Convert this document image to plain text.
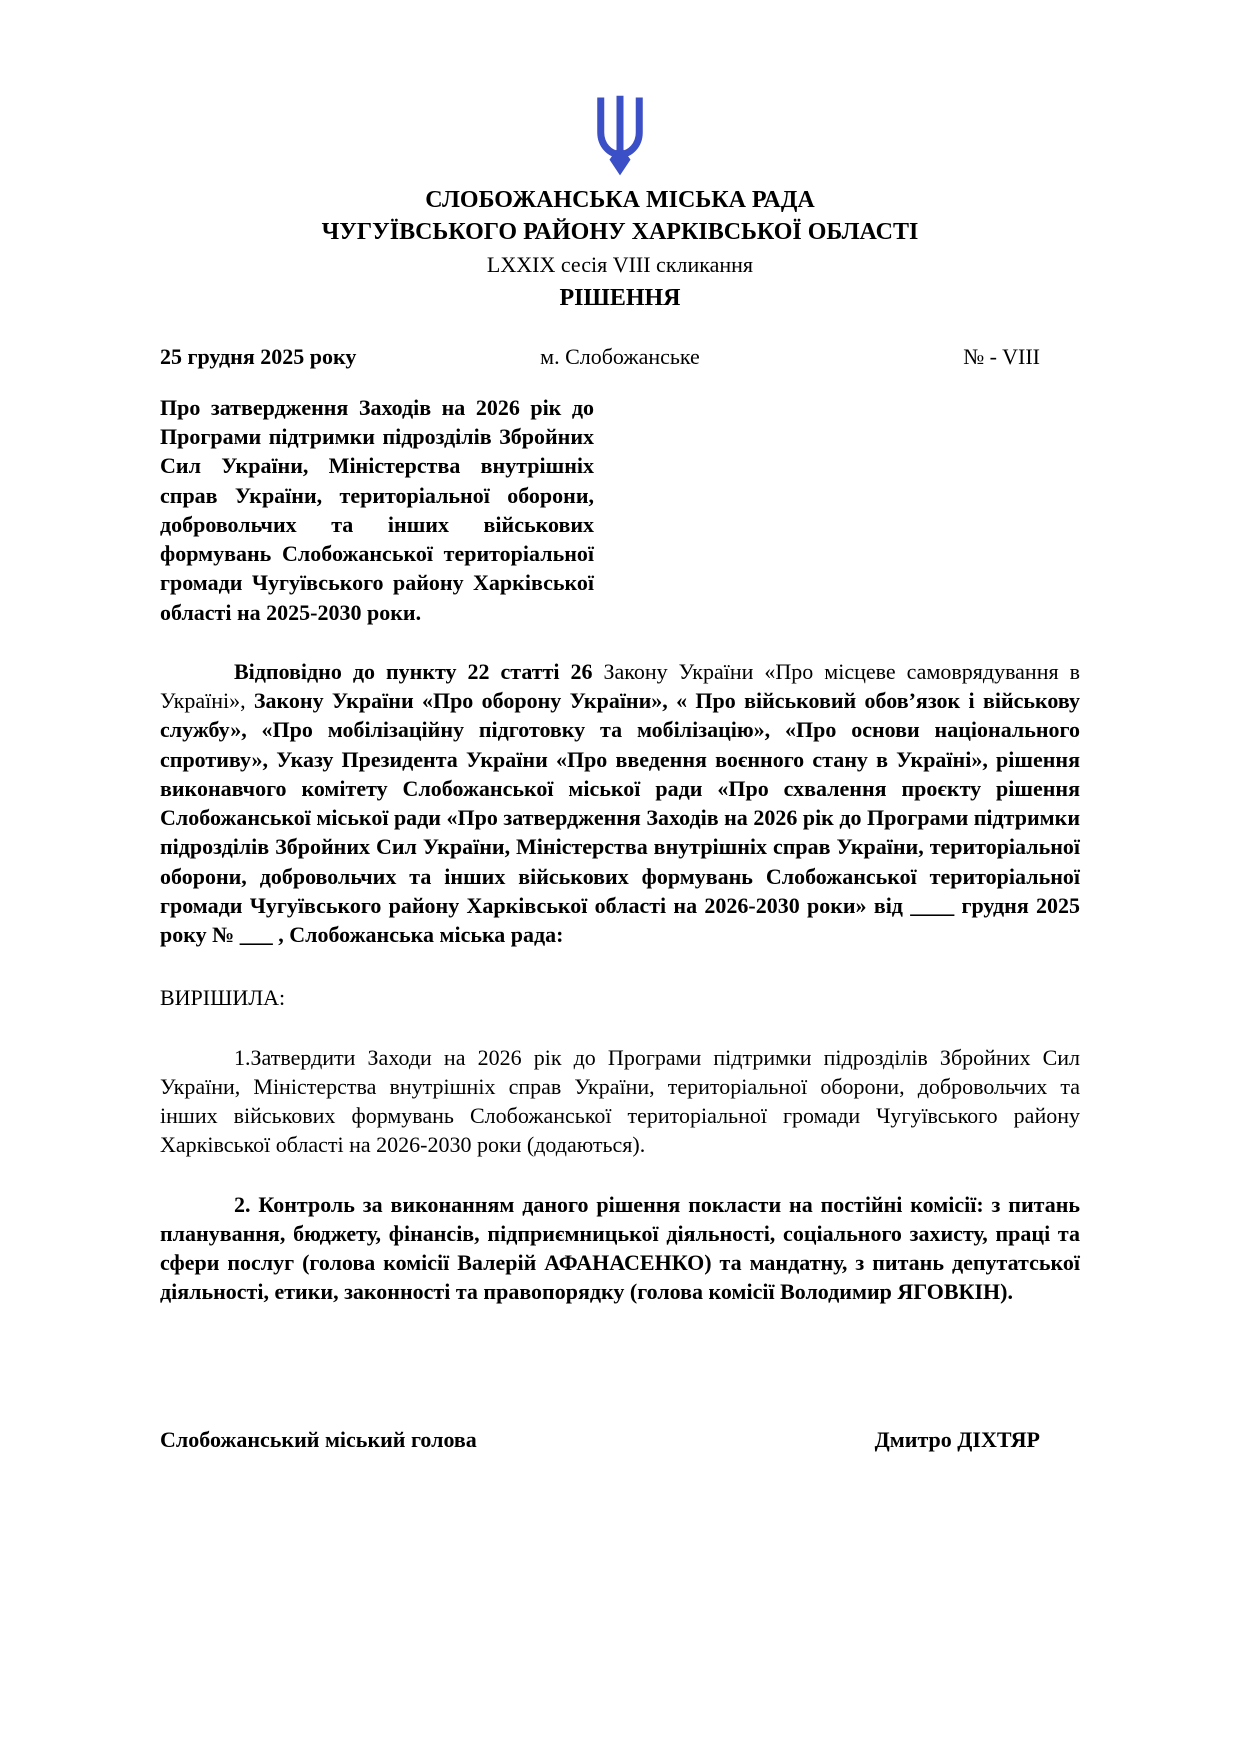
СЛОБОЖАНСЬКА МІСЬКА РАДА
ЧУГУЇВСЬКОГО РАЙОНУ ХАРКІВСЬКОЇ ОБЛАСТІ
LXXIX сесія VIII скликання
РІШЕННЯ
25 грудня 2025 року	м. Слобожанське	№ - VIII
Про затвердження Заходів на 2026 рік до Програми підтримки підрозділів Збройних Сил України, Міністерства внутрішніх справ України, територіальної оборони, добровольчих та інших військових формувань Слобожанської територіальної громади Чугуївського району Харківської області на 2025-2030 роки.
Відповідно до пункту 22 статті 26 Закону України «Про місцеве самоврядування в Україні», Закону України «Про оборону України», « Про військовий обов’язок і військову службу», «Про мобілізаційну підготовку та мобілізацію», «Про основи національного спротиву», Указу Президента України «Про введення воєнного стану в Україні», рішення виконавчого комітету Слобожанської міської ради «Про схвалення проєкту рішення Слобожанської міської ради «Про затвердження Заходів на 2026 рік до Програми підтримки підрозділів Збройних Сил України, Міністерства внутрішніх справ України, територіальної оборони, добровольчих та інших військових формувань Слобожанської територіальної громади Чугуївського району Харківської області на 2026-2030 роки» від ____ грудня 2025 року № ___ , Слобожанська міська рада:
ВИРІШИЛА:
1.Затвердити Заходи на 2026 рік до Програми підтримки підрозділів Збройних Сил України, Міністерства внутрішніх справ України, територіальної оборони, добровольчих та інших військових формувань Слобожанської територіальної громади Чугуївського району Харківської області на 2026-2030 роки (додаються).
2. Контроль за виконанням даного рішення покласти на постійні комісії: з питань планування, бюджету, фінансів, підприємницької діяльності, соціального захисту, праці та сфери послуг (голова комісії Валерій АФАНАСЕНКО) та мандатну, з питань депутатської діяльності, етики, законності та правопорядку (голова комісії Володимир ЯГОВКІН).
Слобожанський міський голова	Дмитро ДІХТЯР
